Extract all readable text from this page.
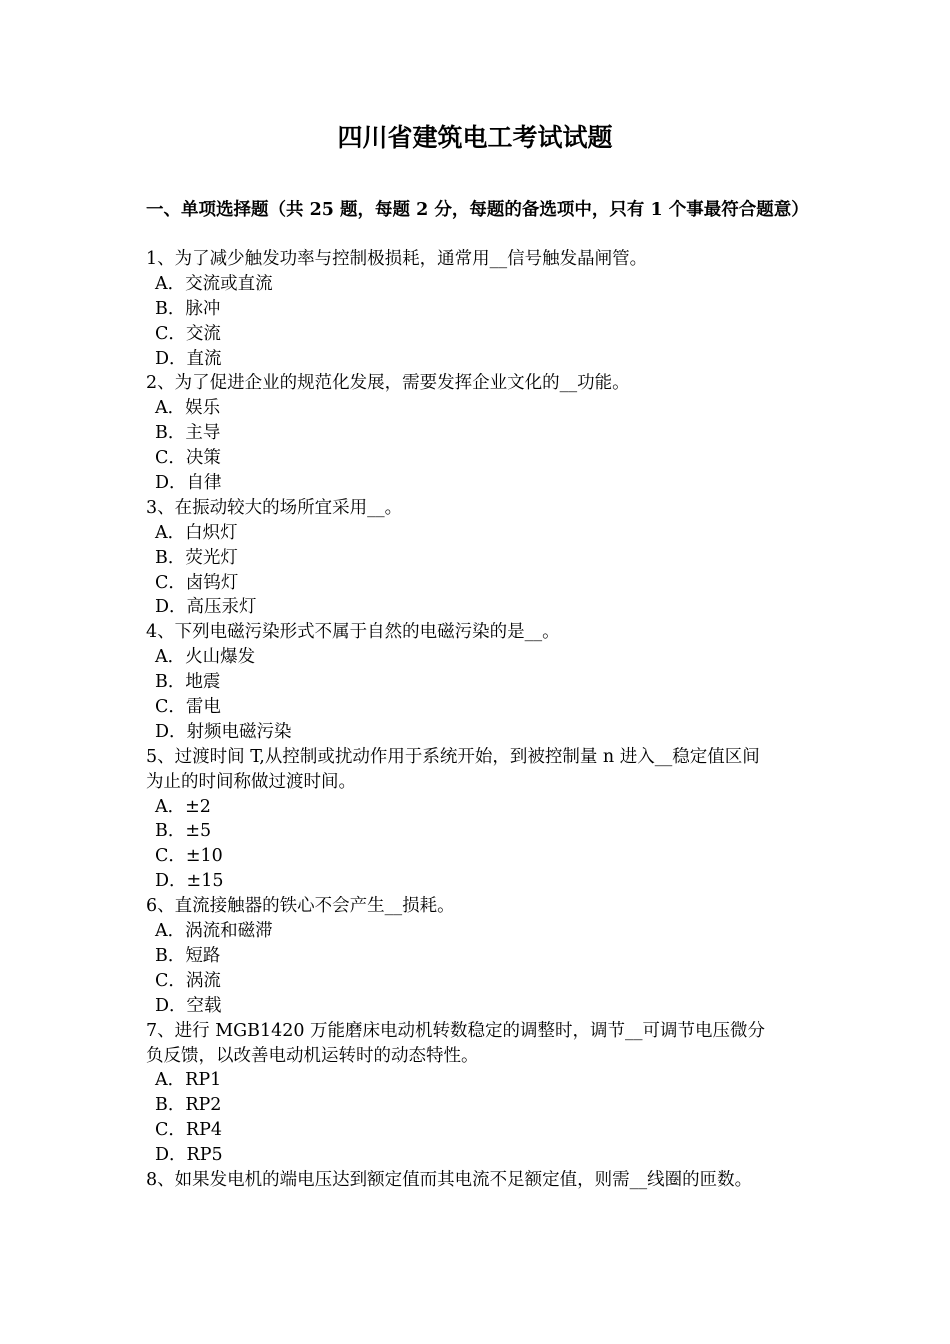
四川省建筑电工考试试题
一、单项选择题（共 25 题，每题 2 分，每题的备选项中，只有 1 个事最符合题意）
1、为了减少触发功率与控制极损耗，通常用__信号触发晶闸管。
A．交流或直流
B．脉冲
C．交流
D．直流
2、为了促进企业的规范化发展，需要发挥企业文化的__功能。
A．娱乐
B．主导
C．决策
D．自律
3、在振动较大的场所宜采用__。
A．白炽灯
B．荧光灯
C．卤钨灯
D．高压汞灯
4、下列电磁污染形式不属于自然的电磁污染的是__。
A．火山爆发
B．地震
C．雷电
D．射频电磁污染
5、过渡时间 T,从控制或扰动作用于系统开始，到被控制量 n 进入__稳定值区间
为止的时间称做过渡时间。
A．±2
B．±5
C．±10
D．±15
6、直流接触器的铁心不会产生__损耗。
A．涡流和磁滞
B．短路
C．涡流
D．空载
7、进行 MGB1420 万能磨床电动机转数稳定的调整时，调节__可调节电压微分
负反馈，以改善电动机运转时的动态特性。
A．RP1
B．RP2
C．RP4
D．RP5
8、如果发电机的端电压达到额定值而其电流不足额定值，则需__线圈的匝数。
